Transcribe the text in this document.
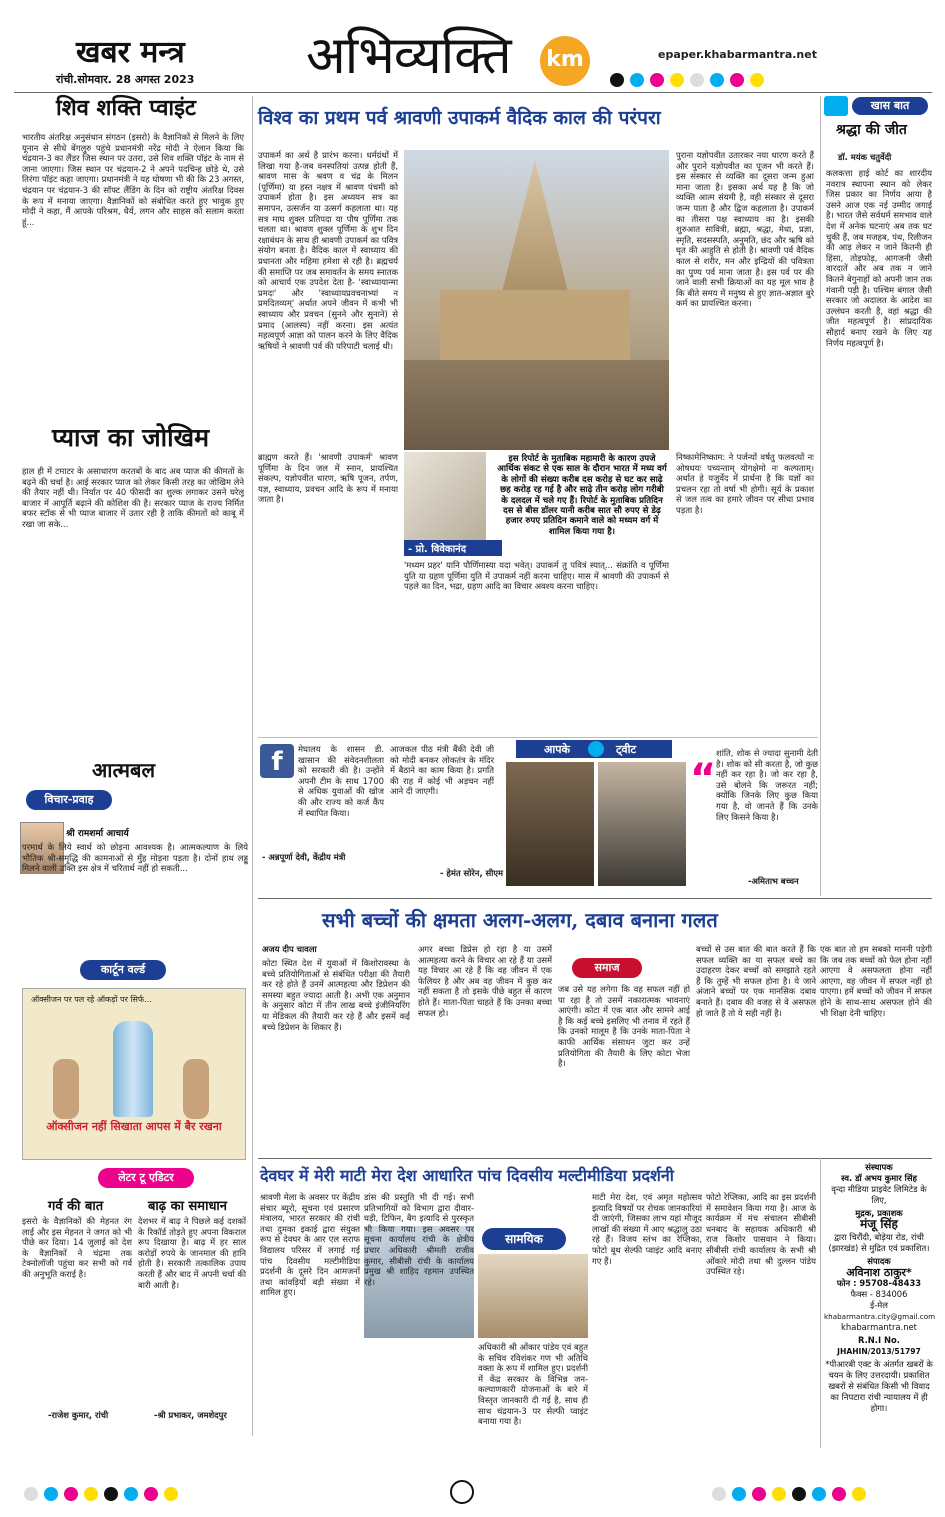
खबर मन्त्र
रांची.सोमवार. 28 अगस्त 2023 अभिव्यक्ति km	epaper.khabarmantra.net
शिव शक्ति प्वाइंट
भारतीय अंतरिक्ष अनुसंधान संगठन (इसरो) के वैज्ञानिकों से मिलने के लिए यूनान से सीधे बेंगलुरु पहुंचे प्रधानमंत्री नरेंद्र मोदी ने ऐलान किया कि चंद्रयान-3 का लैंडर जिस स्थान पर उतरा, उसे शिव शक्ति पॉइंट के नाम से जाना जाएगा। जिस स्थान पर चंद्रयान-2 ने अपने पदचिन्ह छोड़े थे, उसे तिरंगा पॉइंट कहा जाएगा। प्रधानमंत्री ने यह घोषणा भी की कि 23 अगस्त, चंद्रयान पर चंद्रयान-3 की सॉफ्ट लैंडिंग के दिन को राष्ट्रीय अंतरिक्ष दिवस के रूप में मनाया जाएगा। वैज्ञानिकों को संबोधित करते हुए भावुक हुए मोदी ने कहा, मैं आपके परिश्रम, धैर्य, लगन और साहस को सलाम करता हूं...
प्याज का जोखिम
हाल ही में टमाटर के असाधारण करतबों के बाद अब प्याज की कीमतों के बढ़ने की चर्चा है। आई सरकार प्याज को लेकर किसी तरह का जोखिम लेने की तैयार नहीं थी। निर्यात पर 40 फीसदी का शुल्क लगाकर उसने घरेलू बाजार में आपूर्ति बढ़ाने की कोशिश की है। सरकार प्याज के राज्य निर्मित बफर स्टॉक से भी प्याज बाजार में उतार रही है ताकि कीमतों को काबू में रखा जा सके...
आत्मबल
विचार-प्रवाह
श्री रामशर्मा आचार्य
परमार्थ के लिये स्वार्थ को छोड़ना आवश्यक है। आत्मकल्याण के लिये भौतिक श्री-समृद्धि की कामनाओं से मुँह मोड़ना पड़ता है। दोनों हाथ लड्डू मिलने वाली उक्ति इस क्षेत्र में चरितार्थ नहीं हो सकती...
कार्टून वर्ल्ड
ऑक्सीजन पर पल रहे ऑकड़ों पर सिर्फ...
ऑक्सीजन नहीं सिखाता आपस में बैर रखना
लेटर टू एडिटर
गर्व की बात
इसरो के वैज्ञानिकों की मेहनत रंग लाई और इस मेहनत ने जगत को भी पीछे कर दिया। 14 जुलाई को देश के वैज्ञानिकों ने चंद्रमा तक टेक्नोलॉजी पहुंचा कर सभी को गर्व की अनुभूति कराई है।
-राजेश कुमार, रांची
बाढ़ का समाधान
देशभर में बाढ़ ने पिछले कई दशकों के रिकॉर्ड तोड़ते हुए अपना विकराल रूप दिखाया है। बाढ़ में हर साल करोड़ों रुपये के जानमाल की हानि होती है। सरकारी तत्कालिक उपाय करती हैं और बाद में अपनी चर्चा की बारी आती है।
-श्री प्रभाकर, जमशेदपुर
विश्व का प्रथम पर्व श्रावणी उपाकर्म वैदिक काल की परंपरा
उपाकर्म का अर्थ है प्रारंभ करना। धर्मग्रंथों में लिखा गया है-जब वनस्पतियां उत्पन्न होती हैं, श्रावण मास के श्रवण व चंद्र के मिलन (पूर्णिमा) या हस्त नक्षत्र में श्रावण पंचमी को उपाकर्म होता है। इस अध्ययन सत्र का समापन, उत्सर्जन या उत्सर्ग कहलाता था। यह सत्र माघ शुक्ल प्रतिपदा या पौष पूर्णिमा तक चलता था। श्रावण शुक्ल पूर्णिमा के शुभ दिन रक्षाबंधन के साथ ही श्रावणी उपाकर्म का पवित्र संयोग बनता है। वैदिक काल में स्वाध्याय की प्रधानता और महिमा हमेशा से रही है। ब्रह्मचर्य की समाप्ति पर जब समावर्तन के समय स्नातक को आचार्य एक उपदेश देता है- 'स्वाध्यायान्मा प्रमदः' और 'स्वाध्यायप्रवचनाभ्यां न प्रमदितव्यम्' अर्थात अपने जीवन में कभी भी स्वाध्याय और प्रवचन (सुनने और सुनाने) से प्रमाद (आलस्य) नहीं करना। इस अत्यंत महत्वपूर्ण आज्ञा को पालन करने के लिए वैदिक ऋषियों ने श्रावणी पर्व की परिपाटी चलाई थी।
पुराना यज्ञोपवीत उतारकर नया धारण करते हैं और पुराने यज्ञोपवीत का पूजन भी करते हैं। इस संस्कार से व्यक्ति का दूसरा जन्म हुआ माना जाता है। इसका अर्थ यह है कि जो व्यक्ति आत्म संयमी है, वही संस्कार से दूसरा जन्म पाता है और द्विज कहलाता है। उपाकर्म का तीसरा पक्ष स्वाध्याय का है। इसकी शुरुआत सावित्री, ब्रह्मा, श्रद्धा, मेधा, प्रज्ञा, स्मृति, सदसस्पति, अनुमति, छंद और ऋषि को घृत की आहुति से होती है। श्रावणी पर्व वैदिक काल से शरीर, मन और इन्द्रियों की पवित्रता का पुण्य पर्व माना जाता है। इस पर्व पर की जाने वाली सभी क्रियाओं का यह मूल भाव है कि बीते समय में मनुष्य से हुए ज्ञात-अज्ञात बुरे कर्म का प्रायश्चित करना।
ब्राह्मण करते हैं। 'श्रावणी उपाकर्म' श्रावण पूर्णिमा के दिन जल में स्नान, प्रायश्चित संकल्प, यज्ञोपवीत धारण, ऋषि पूजन, तर्पण, यज्ञ, स्वाध्याय, प्रवचन आदि के रूप में मनाया जाता है।
इस रिपोर्ट के मुताबिक महामारी के कारण उपजे आर्थिक संकट से एक साल के दौरान भारत में मध्य वर्ग के लोगों की संख्या करीब दस करोड़ से घट कर साढ़े छह करोड़ रह गई है और साढ़े तीन करोड़ लोग गरीबी के दलदल में चले गए हैं। रिपोर्ट के मुताबिक प्रतिदिन दस से बीस डॉलर यानी करीब सात सौ रुपए से डेढ़ हजार रुपए प्रतिदिन कमाने वाले को मध्यम वर्ग में शामिल किया गया है।
- प्रो. विवेकानंद
'मध्यम प्रहर' यानि पौर्णिमास्या यदा भवेत्। उपाकर्म तु पवित्रं स्यात्... संक्रांति व पूर्णिमा युति या ग्रहण पूर्णिमा युति में उपाकर्म नहीं करना चाहिए। मास में श्रावणी की उपाकर्म से पहले का दिन, भद्रा, ग्रहण आदि का विचार अवश्य करना चाहिए।
निष्कामेनिष्काम: ने पर्जन्यों वर्षतु फलवत्यों नः ओषधयः पच्यन्ताम् योगक्षेमो नः कल्पताम्। अर्थात हे यजुर्वेद में प्रार्थना है कि यज्ञों का प्रचलन रहा तो वर्षा भी होगी। सूर्य के प्रकाश से जल तत्व का हमारे जीवन पर सीधा प्रभाव पड़ता है।
f	मेघालय के शासन डी. खासान की संवेदनशीलता को सरकारी की है। उन्होंने अपनी टीम के साथ 1700 से अधिक युवाओं की खोज की और राज्य को कर्ज कैंप में स्थापित किया।
- अन्नपूर्णा देवी, केंद्रीय मंत्री
आजकल पीठ मंत्री बैंकी देवी जी को मोदी बनकर लोकतंत्र के मंदिर में बैठाने का काम किया है। प्रगति की राह में कोई भी अड़चन नहीं आने दी जाएगी।
- हेमंत सोरेन, सीएम
आपके	ट्वीट
“
शांति, शोक से ज्यादा सुनामी देती है। शोक को सी करता है, जो कुछ नहीं कर रहा है। जो कर रहा है, उसे बोलने कि जरूरत नहीं; क्योंकि जिनके लिए कुछ किया गया है, वो जानते हैं कि उनके लिए किसने किया है।
-अमिताभ बच्चन
खास बात
श्रद्धा की जीत
डॉ. मयंक चतुर्वेदी
कलकत्ता हाई कोर्ट का शारदीय नवरात्र स्थापना स्थान को लेकर जिस प्रकार का निर्णय आया है उसने आज एक नई उम्मीद जगाई है। भारत जैसे सर्वधर्म समभाव वाले देश में अनेक घटनाएं अब तक घट चुकी हैं, जब मजहब, पंथ, रिलीजन की आड़ लेकर न जाने कितनी ही हिंसा, तोड़फोड़, आगजनी जैसी वारदातें और अब तक न जाने कितने बेगुनाहों को अपनी जान तक गंवानी पड़ी है। पश्चिम बंगाल जैसी सरकार जो अदालत के आदेश का उल्लंघन करती है, वहां श्रद्धा की जीत महत्वपूर्ण है। सांप्रदायिक सौहार्द बनाए रखने के लिए यह निर्णय महत्वपूर्ण है।
सभी बच्चों की क्षमता अलग-अलग, दबाव बनाना गलत
अजय दीप चावला
कोटा स्थित देश में युवाओं में किशोरावस्था के बच्चे प्रतियोगिताओं से संबंधित परीक्षा की तैयारी कर रहे होते हैं उनमें आत्महत्या और डिप्रेशन की समस्या बहुत ज्यादा आती है। अभी एक अनुमान के अनुसार कोटा में तीन लाख बच्चे इंजीनियरिंग या मेडिकल की तैयारी कर रहे हैं और इसमें कई बच्चे डिप्रेशन के शिकार हैं।
अगर बच्चा डिप्रेस हो रहा है या उसमें आत्महत्या करने के विचार आ रहे हैं या उसमें यह विचार आ रहे हैं कि वह जीवन में एक फेलियर है और अब वह जीवन में कुछ कर नहीं सकता है तो इसके पीछे बहुत से कारण होते हैं। माता-पिता चाहते हैं कि उनका बच्चा सफल हो।
समाज
जब उसे यह लगेगा कि वह सफल नहीं हो पा रहा है तो उसमें नकारात्मक भावनाएं आएंगी। कोटा में एक बात और सामने आई है कि कई बच्चे इसलिए भी तनाव में रहते हैं कि उनको मालूम है कि उनके माता-पिता ने काफी आर्थिक संसाधन जुटा कर उन्हें प्रतियोगिता की तैयारी के लिए कोटा भेजा है।
बच्चों से उस बात की बात करते हैं कि सफल व्यक्ति का या सफल बच्चे का उदाहरण देकर बच्चों को समझाते रहते हैं कि तुम्हें भी सफल होना है। ये जाने अंजाने बच्चों पर एक मानसिक दबाव बनाते हैं। दबाव की वजह से वे असफल हो जाते हैं तो ये सही नहीं है।
एक बात तो हम सबको माननी पड़ेगी कि जब तक बच्चों को फेल होना नहीं आएगा वे असफलता होना नहीं आएगा, वह जीवन में सफल नहीं हो पाएगा। हमें बच्चों को जीवन में सफल होने के साथ-साथ असफल होने की भी शिक्षा देनी चाहिए।
देवघर में मेरी माटी मेरा देश आधारित पांच दिवसीय मल्टीमीडिया प्रदर्शनी
श्रावणी मेला के अवसर पर केंद्रीय संचार ब्यूरो, सूचना एवं प्रसारण मंत्रालय, भारत सरकार की रांची तथा दुमका इकाई द्वारा संयुक्त रूप से देवघर के आर एल सराफ विद्यालय परिसर में लगाई गई पांच दिवसीय मल्टीमीडिया प्रदर्शनी के दूसरे दिन आमजनों तथा कांवड़ियों बड़ी संख्या में शामिल हुए।
डांस की प्रस्तुति भी दी गई। सभी प्रतिभागियों को विभाग द्वारा दीवार-घड़ी, टिफिन, बैग इत्यादि से पुरस्कृत भी किया गया। इस अवसर पर सूचना कार्यालय रांची के क्षेत्रीय प्रचार अधिकारी श्रीमती राजीव कुमार, सीबीसी रांची के कार्यालय प्रमुख श्री शाहिद रहमान उपस्थित रहे।
सामयिक
अधिकारी श्री ओंकार पांडेय एवं बहुत के सचिव रविशंकर गण भी अतिथि वक्ता के रूप में शामिल हुए। प्रदर्शनी में केंद्र सरकार के विभिन्न जन-कल्याणकारी योजनाओं के बारे में विस्तृत जानकारी दी गई है, साथ ही साथ चंद्रयान-3 पर सेल्फी प्वाइंट बनाया गया है।
माटी मेरा देश, एवं अमृत महोत्सव इत्यादि विषयों पर रोचक जानकारियां दी जाएंगी, जिसका लाभ यहां मौजूद लाखों की संख्या में आए श्रद्धालु उठा रहे हैं। विजय स्तंभ का रेप्लिका, फोटो बूथ सेल्फी प्वाइंट आदि बनाए गए हैं।
फोटो रेप्लिका, आदि का इस प्रदर्शनी में समावेशन किया गया है। आज के कार्यक्रम में मंच संचालन सीबीसी धनबाद के सहायक अधिकारी श्री राज किशोर पासवान ने किया। सीबीसी रांची कार्यालय के सभी श्री ओंकारे मोदी तथा श्री दुल्लन पांडेय उपस्थित रहे।
संस्थापक
स्व. डॉ अभय कुमार सिंह
वृन्दा मीडिया प्राइवेट लिमिटेड के लिए,
मुद्रक, प्रकाशक
मंजू सिंह
द्वारा चिरौंदी, बोड़ेया रोड, रांची (झारखंड) से मुद्रित एवं प्रकाशित।
संपादक
अविनाश ठाकुर*
फोन : 95708-48433
फैक्स - 834006
ई-मेल
khabarmantra.city@gmail.com
khabarmantra.net
R.N.I No.
JHAHIN/2013/51797
*पीआरबी एक्ट के अंतर्गत खबरों के चयन के लिए उत्तरदायी। प्रकाशित खबरों से संबंधित किसी भी विवाद का निपटारा रांची न्यायालय में ही होगा।
